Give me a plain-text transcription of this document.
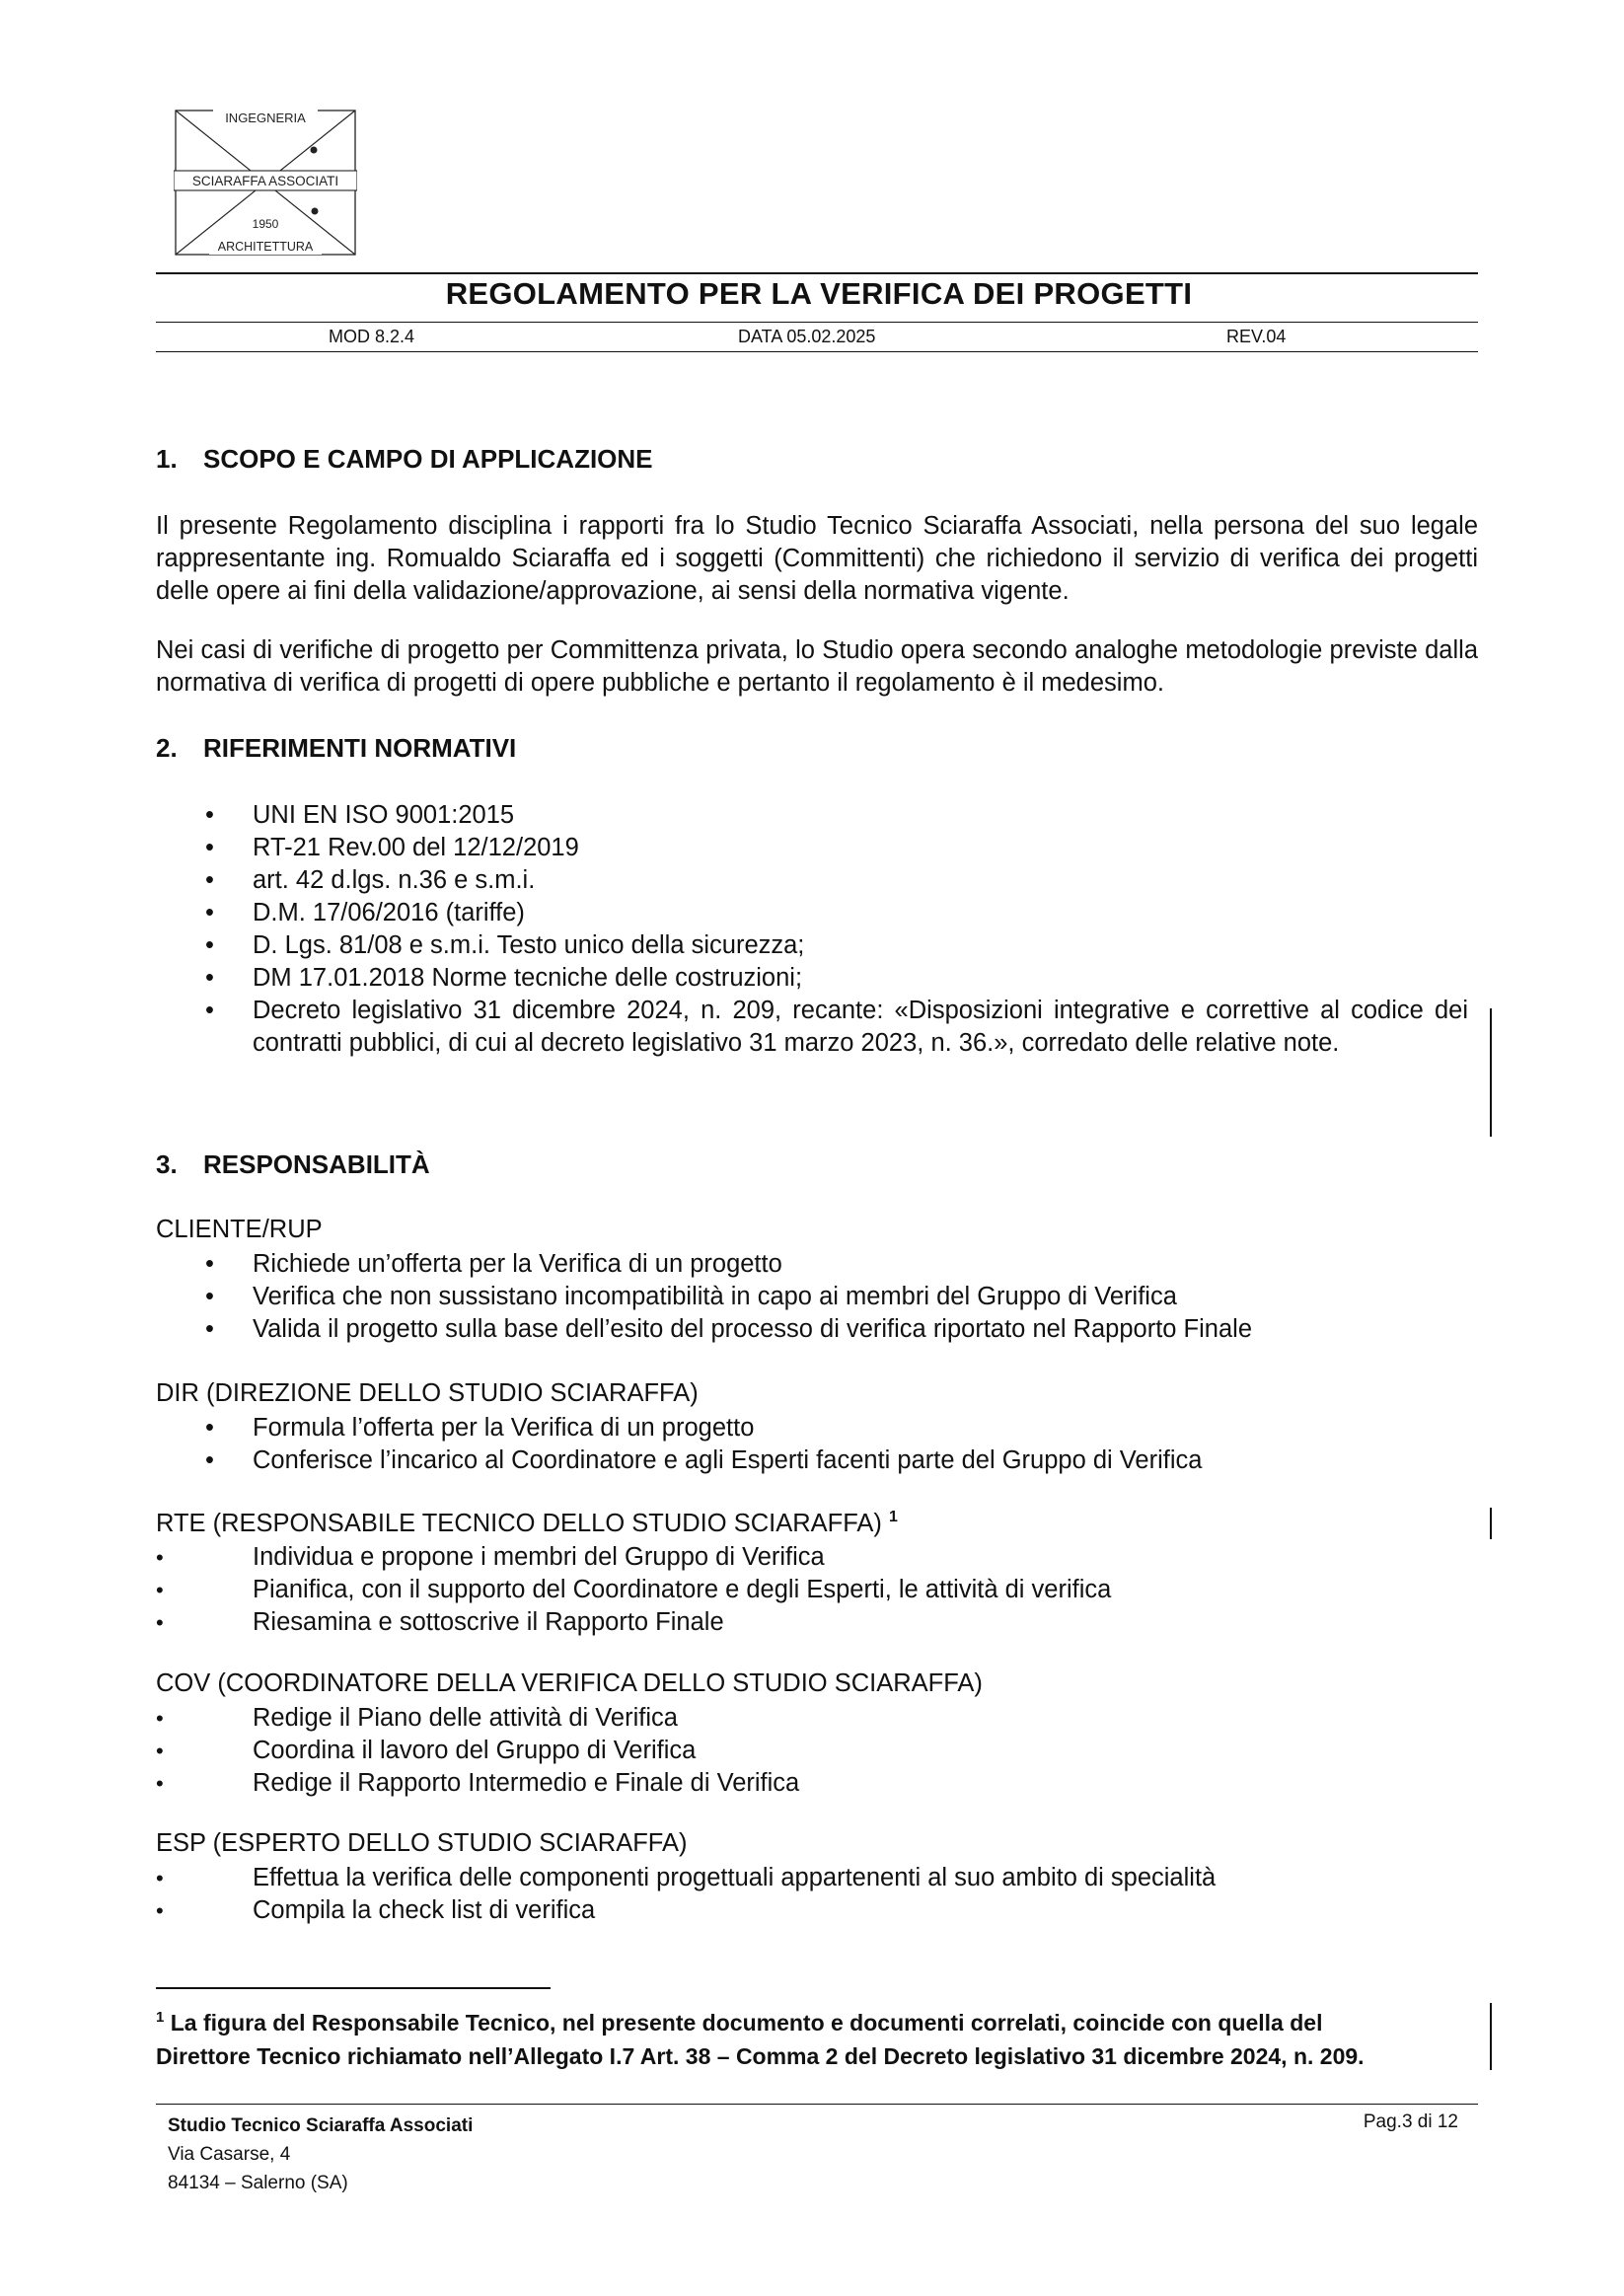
INGEGNERIA
SCIARAFFA ASSOCIATI
1950
ARCHITETTURA
REGOLAMENTO PER LA VERIFICA DEI PROGETTI
MOD 8.2.4	DATA 05.02.2025	REV.04
1. SCOPO E CAMPO DI APPLICAZIONE

Il presente Regolamento disciplina i rapporti fra lo Studio Tecnico Sciaraffa Associati, nella persona del suo legale rappresentante ing. Romualdo Sciaraffa ed i soggetti (Committenti) che richiedono il servizio di verifica dei progetti delle opere ai fini della validazione/approvazione, ai sensi della normativa vigente.

Nei casi di verifiche di progetto per Committenza privata, lo Studio opera secondo analoghe metodologie previste dalla normativa di verifica di progetti di opere pubbliche e pertanto il regolamento è il medesimo.

2. RIFERIMENTI NORMATIVI
• UNI EN ISO 9001:2015
• RT-21 Rev.00 del 12/12/2019
• art. 42 d.lgs. n.36 e s.m.i.
• D.M. 17/06/2016 (tariffe)
• D. Lgs. 81/08 e s.m.i. Testo unico della sicurezza;
• DM 17.01.2018 Norme tecniche delle costruzioni;
• Decreto legislativo 31 dicembre 2024, n. 209, recante: «Disposizioni integrative e correttive al codice dei contratti pubblici, di cui al decreto legislativo 31 marzo 2023, n. 36.», corredato delle relative note.
3. RESPONSABILITÀ
CLIENTE/RUP
• Richiede un’offerta per la Verifica di un progetto
• Verifica che non sussistano incompatibilità in capo ai membri del Gruppo di Verifica
• Valida il progetto sulla base dell’esito del processo di verifica riportato nel Rapporto Finale
DIR (DIREZIONE DELLO STUDIO SCIARAFFA)
• Formula l’offerta per la Verifica di un progetto
• Conferisce l’incarico al Coordinatore e agli Esperti facenti parte del Gruppo di Verifica
RTE (RESPONSABILE TECNICO DELLO STUDIO SCIARAFFA) $^1$
•	Individua e propone i membri del Gruppo di Verifica
•	Pianifica, con il supporto del Coordinatore e degli Esperti, le attività di verifica
•	Riesamina e sottoscrive il Rapporto Finale
COV (COORDINATORE DELLA VERIFICA DELLO STUDIO SCIARAFFA)
•	Redige il Piano delle attività di Verifica
•	Coordina il lavoro del Gruppo di Verifica
•	Redige il Rapporto Intermedio e Finale di Verifica
ESP (ESPERTO DELLO STUDIO SCIARAFFA)
•	Effettua la verifica delle componenti progettuali appartenenti al suo ambito di specialità
•	Compila la check list di verifica
$^1$ La figura del Responsabile Tecnico, nel presente documento e documenti correlati, coincide con quella del
Direttore Tecnico richiamato nell’Allegato I.7 Art. 38 – Comma 2 del Decreto legislativo 31 dicembre 2024, n. 209.
Studio Tecnico Sciaraffa Associati
Via Casarse, 4
84134 – Salerno (SA)
Pag.3 di 12
